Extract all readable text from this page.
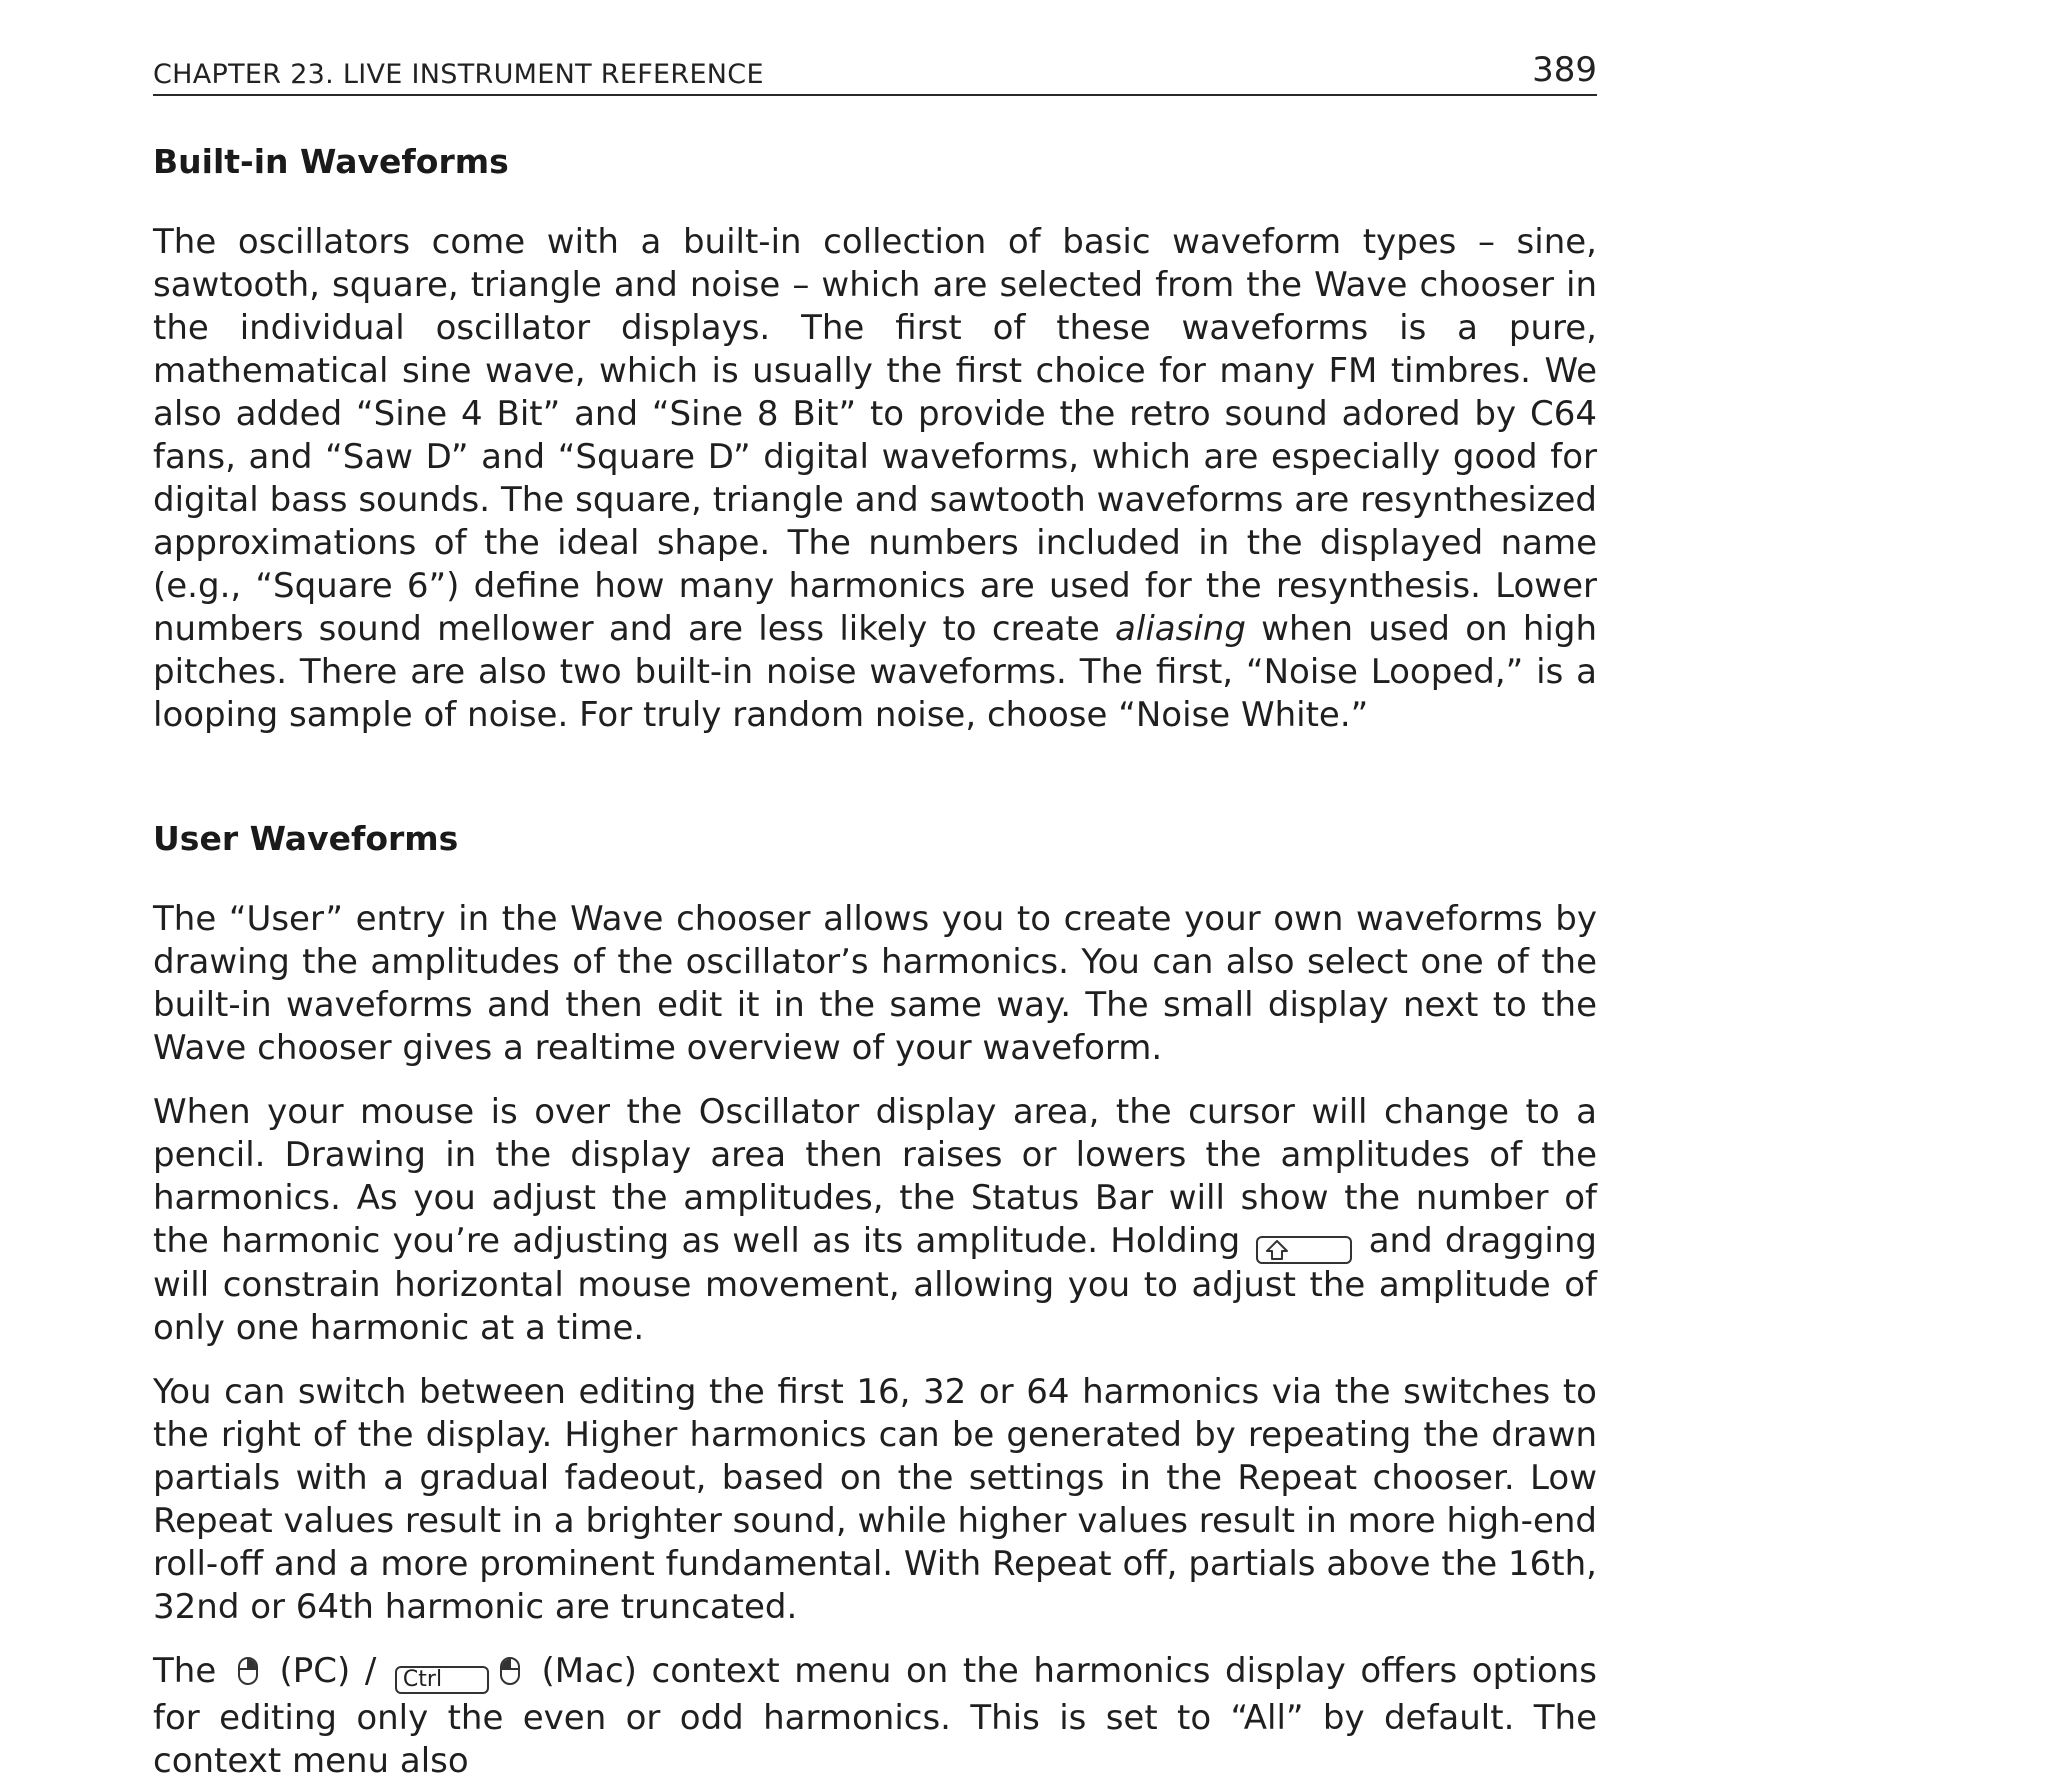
CHAPTER 23. LIVE INSTRUMENT REFERENCE	389
Built-in Waveforms

The oscillators come with a built-in collection of basic waveform types – sine, sawtooth, square, triangle and noise – which are selected from the Wave chooser in the individual oscillator displays. The first of these waveforms is a pure, mathematical sine wave, which is usually the first choice for many FM timbres. We also added “Sine 4 Bit” and “Sine 8 Bit” to provide the retro sound adored by C64 fans, and “Saw D” and “Square D” digital waveforms, which are especially good for digital bass sounds. The square, triangle and sawtooth waveforms are resynthesized approximations of the ideal shape. The numbers included in the displayed name (e.g., “Square 6”) define how many harmonics are used for the resynthesis. Lower numbers sound mellower and are less likely to create aliasing when used on high pitches. There are also two built-in noise waveforms. The first, “Noise Looped,” is a looping sample of noise. For truly random noise, choose “Noise White.”

User Waveforms

The “User” entry in the Wave chooser allows you to create your own waveforms by drawing the amplitudes of the oscillator’s harmonics. You can also select one of the built-in waveforms and then edit it in the same way. The small display next to the Wave chooser gives a realtime overview of your waveform.

When your mouse is over the Oscillator display area, the cursor will change to a pencil. Drawing in the display area then raises or lowers the amplitudes of the harmonics. As you adjust the amplitudes, the Status Bar will show the number of the harmonic you’re adjusting as well as its amplitude. Holding	and dragging will constrain horizontal mouse movement, allowing you to adjust the amplitude of only one harmonic at a time.

You can switch between editing the first 16, 32 or 64 harmonics via the switches to the right of the display. Higher harmonics can be generated by repeating the drawn partials with a gradual fadeout, based on the settings in the Repeat chooser. Low Repeat values result in a brighter sound, while higher values result in more high-end roll-off and a more prominent fundamental. With Repeat off, partials above the 16th, 32nd or 64th harmonic are truncated.

The (PC) / Ctrl	(Mac) context menu on the harmonics display offers options for editing only the even or odd harmonics. This is set to “All” by default. The context menu also
